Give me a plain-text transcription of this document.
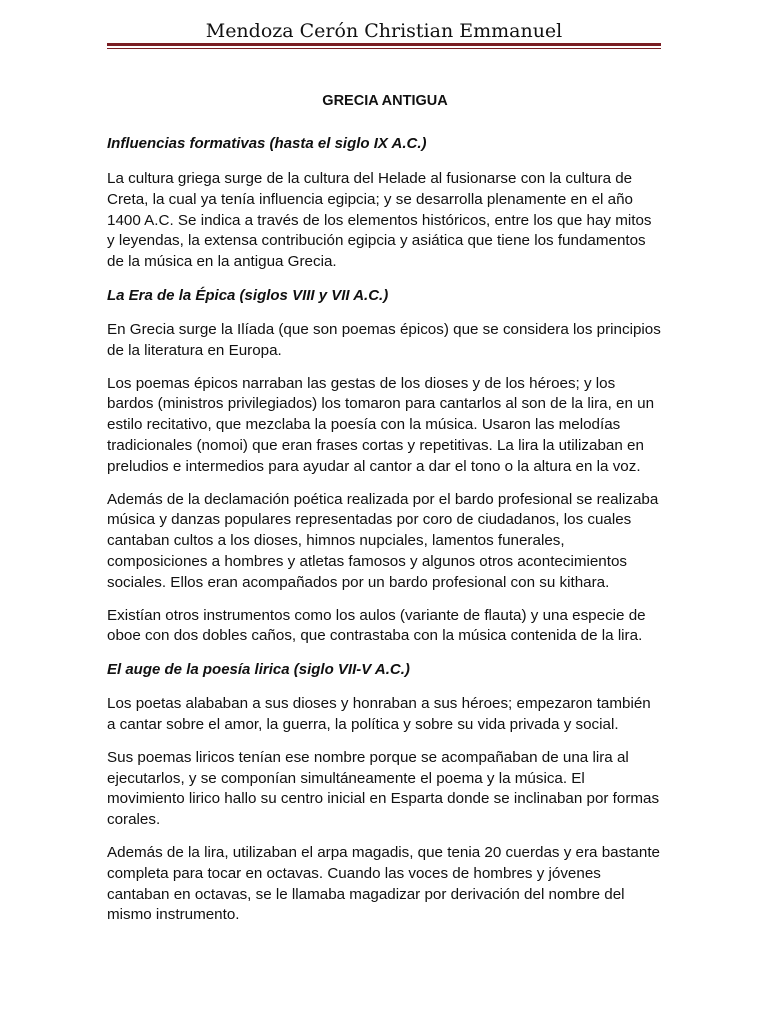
Mendoza Cerón Christian Emmanuel
GRECIA ANTIGUA
Influencias formativas (hasta el siglo IX A.C.)

La cultura griega surge de la cultura del Helade al fusionarse con la cultura de Creta, la cual ya tenía influencia egipcia; y se desarrolla plenamente en el año 1400 A.C. Se indica a través de los elementos históricos, entre los que hay mitos y leyendas, la extensa contribución egipcia y asiática que tiene los fundamentos de la música en la antigua Grecia.

La Era de la Épica (siglos VIII y VII A.C.)

En Grecia surge la Ilíada (que son poemas épicos) que se considera los principios de la literatura en Europa.

Los poemas épicos narraban las gestas de los dioses y de los héroes; y los bardos (ministros privilegiados) los tomaron para cantarlos al son de la lira, en un estilo recitativo, que mezclaba la poesía con la música. Usaron las melodías tradicionales (nomoi) que eran frases cortas y repetitivas. La lira la utilizaban en preludios e intermedios para ayudar al cantor a dar el tono o la altura en la voz.

Además de la declamación poética realizada por el bardo profesional se realizaba música y danzas populares representadas por coro de ciudadanos, los cuales cantaban cultos a los dioses, himnos nupciales, lamentos funerales, composiciones a hombres y atletas famosos y algunos otros acontecimientos sociales. Ellos eran acompañados por un bardo profesional con su kithara.

Existían otros instrumentos como los aulos (variante de flauta) y una especie de oboe con dos dobles caños, que contrastaba con la música contenida de la lira.

El auge de la poesía lirica (siglo VII-V A.C.)

Los poetas alababan a sus dioses y honraban a sus héroes; empezaron también a cantar sobre el amor, la guerra, la política y sobre su vida privada y social.

Sus poemas liricos tenían ese nombre porque se acompañaban de una lira al ejecutarlos, y se componían simultáneamente el poema y la música. El movimiento lirico hallo su centro inicial en Esparta donde se inclinaban por formas corales.

Además de la lira, utilizaban el arpa magadis, que tenia 20 cuerdas y era bastante completa para tocar en octavas. Cuando las voces de hombres y jóvenes cantaban en octavas, se le llamaba magadizar por derivación del nombre del mismo instrumento.
